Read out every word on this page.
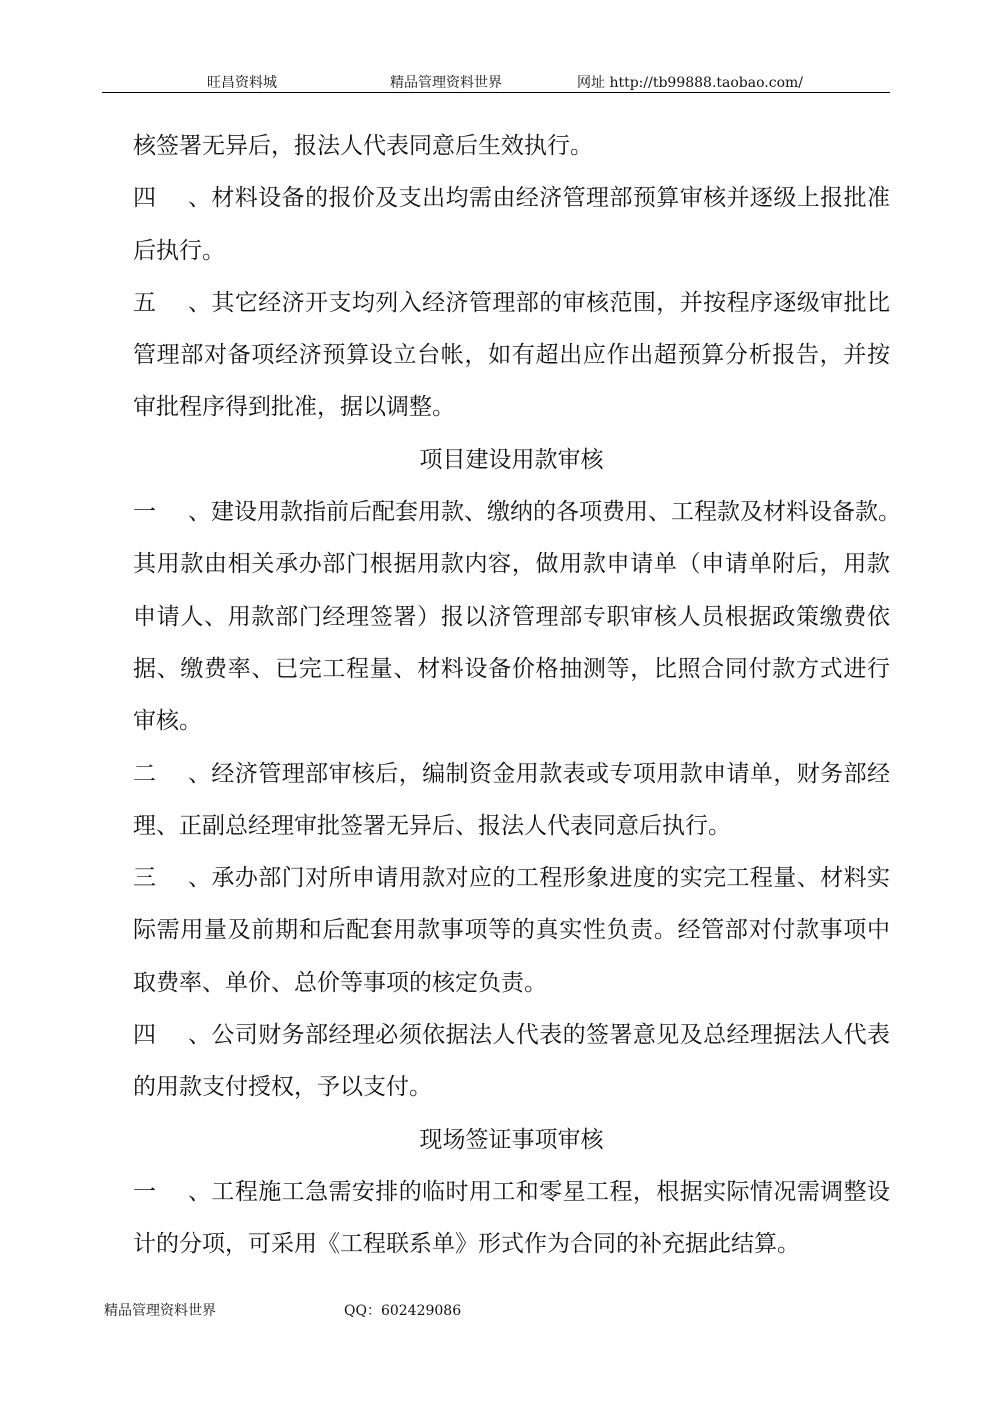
旺昌资料城	精品管理资料世界	网址 http://tb99888.taobao.com/
核签署无异后，报法人代表同意后生效执行。
四、材料设备的报价及支出均需由经济管理部预算审核并逐级上报批准
后执行。
五、其它经济开支均列入经济管理部的审核范围，并按程序逐级审批比
管理部对备项经济预算设立台帐，如有超出应作出超预算分析报告，并按
审批程序得到批准，据以调整。
项目建设用款审核
一、建设用款指前后配套用款、缴纳的各项费用、工程款及材料设备款。
其用款由相关承办部门根据用款内容，做用款申请单（申请单附后，用款
申请人、用款部门经理签署）报以济管理部专职审核人员根据政策缴费依
据、缴费率、已完工程量、材料设备价格抽测等，比照合同付款方式进行
审核。
二、经济管理部审核后，编制资金用款表或专项用款申请单，财务部经
理、正副总经理审批签署无异后、报法人代表同意后执行。
三、承办部门对所申请用款对应的工程形象进度的实完工程量、材料实
际需用量及前期和后配套用款事项等的真实性负责。经管部对付款事项中
取费率、单价、总价等事项的核定负责。
四、公司财务部经理必须依据法人代表的签署意见及总经理据法人代表
的用款支付授权，予以支付。
现场签证事项审核
一、工程施工急需安排的临时用工和零星工程，根据实际情况需调整设
计的分项，可采用《工程联系单》形式作为合同的补充据此结算。
精品管理资料世界	QQ：602429086
